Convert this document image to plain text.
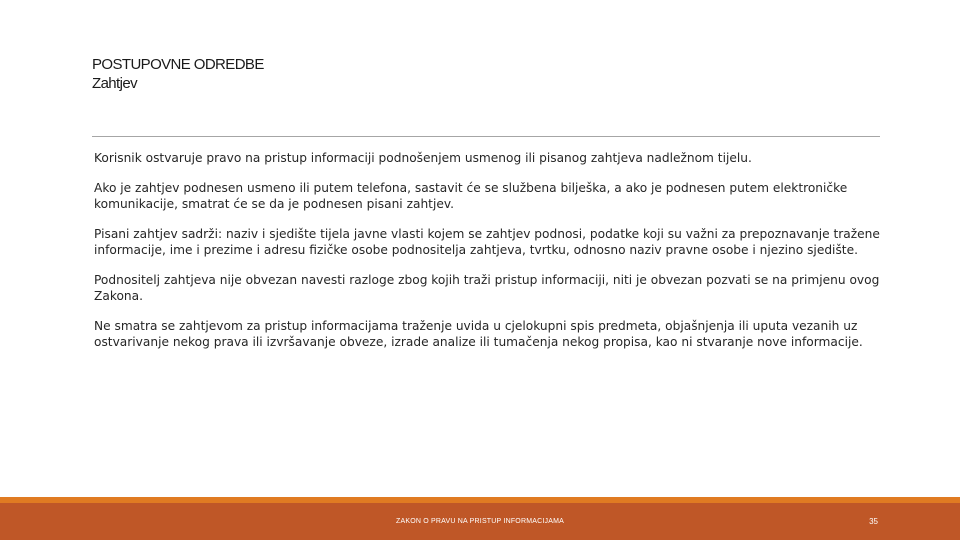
POSTUPOVNE ODREDBE
Zahtjev

Korisnik ostvaruje pravo na pristup informaciji podnošenjem usmenog ili pisanog zahtjeva nadležnom tijelu.

Ako je zahtjev podnesen usmeno ili putem telefona, sastavit će se službena bilješka, a ako je podnesen putem elektroničke komunikacije, smatrat će se da je podnesen pisani zahtjev.

Pisani zahtjev sadrži: naziv i sjedište tijela javne vlasti kojem se zahtjev podnosi, podatke koji su važni za prepoznavanje tražene informacije, ime i prezime i adresu fizičke osobe podnositelja zahtjeva, tvrtku, odnosno naziv pravne osobe i njezino sjedište.

Podnositelj zahtjeva nije obvezan navesti razloge zbog kojih traži pristup informaciji, niti je obvezan pozvati se na primjenu ovog Zakona.

Ne smatra se zahtjevom za pristup informacijama traženje uvida u cjelokupni spis predmeta, objašnjenja ili uputa vezanih uz ostvarivanje nekog prava ili izvršavanje obveze, izrade analize ili tumačenja nekog propisa, kao ni stvaranje nove informacije.

ZAKON O PRAVU NA PRISTUP INFORMACIJAMA	35
